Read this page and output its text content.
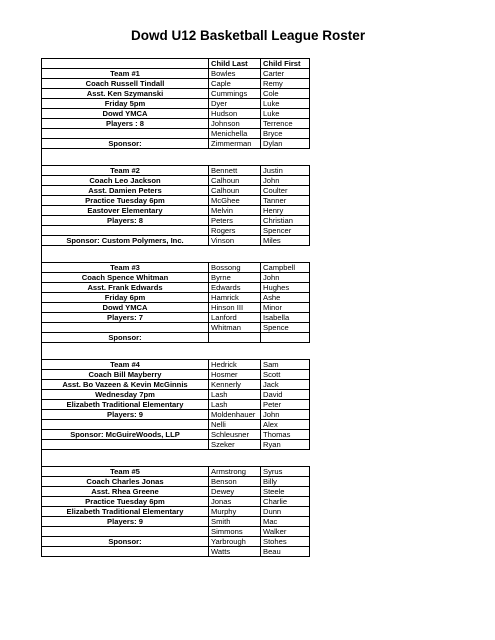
Dowd U12 Basketball League Roster
	Child Last	Child First
Team #1	Bowles	Carter
Coach Russell Tindall	Caple	Remy
Asst. Ken Szymanski	Cummings	Cole
Friday 5pm	Dyer	Luke
Dowd YMCA	Hudson	Luke
Players : 8	Johnson	Terrence
	Menichella	Bryce
Sponsor:	Zimmerman	Dylan

Team #2	Bennett	Justin
Coach Leo Jackson	Calhoun	John
Asst. Damien Peters	Calhoun	Coulter
Practice Tuesday 6pm	McGhee	Tanner
Eastover Elementary	Melvin	Henry
Players: 8	Peters	Christian
	Rogers	Spencer
Sponsor: Custom Polymers, Inc.	Vinson	Miles

Team #3	Bossong	Campbell
Coach Spence Whitman	Byrne	John
Asst. Frank Edwards	Edwards	Hughes
Friday 6pm	Hamrick	Ashe
Dowd YMCA	Hinson III	Minor
Players: 7	Lanford	Isabella
	Whitman	Spence
Sponsor:		

Team #4	Hedrick	Sam
Coach Bill Mayberry	Hosmer	Scott
Asst. Bo Vazeen & Kevin McGinnis	Kennerly	Jack
Wednesday 7pm	Lash	David
Elizabeth Traditional Elementary	Lash	Peter
Players: 9	Moldenhauer	John
	Nelli	Alex
Sponsor: McGuireWoods, LLP	Schleusner	Thomas
	Szeker	Ryan

Team #5	Armstrong	Syrus
Coach Charles Jonas	Benson	Billy
Asst. Rhea Greene	Dewey	Steele
Practice Tuesday 6pm	Jonas	Charlie
Elizabeth Traditional Elementary	Murphy	Dunn
Players: 9	Smith	Mac
	Simmons	Walker
Sponsor:	Yarbrough	Stohes
	Watts	Beau
